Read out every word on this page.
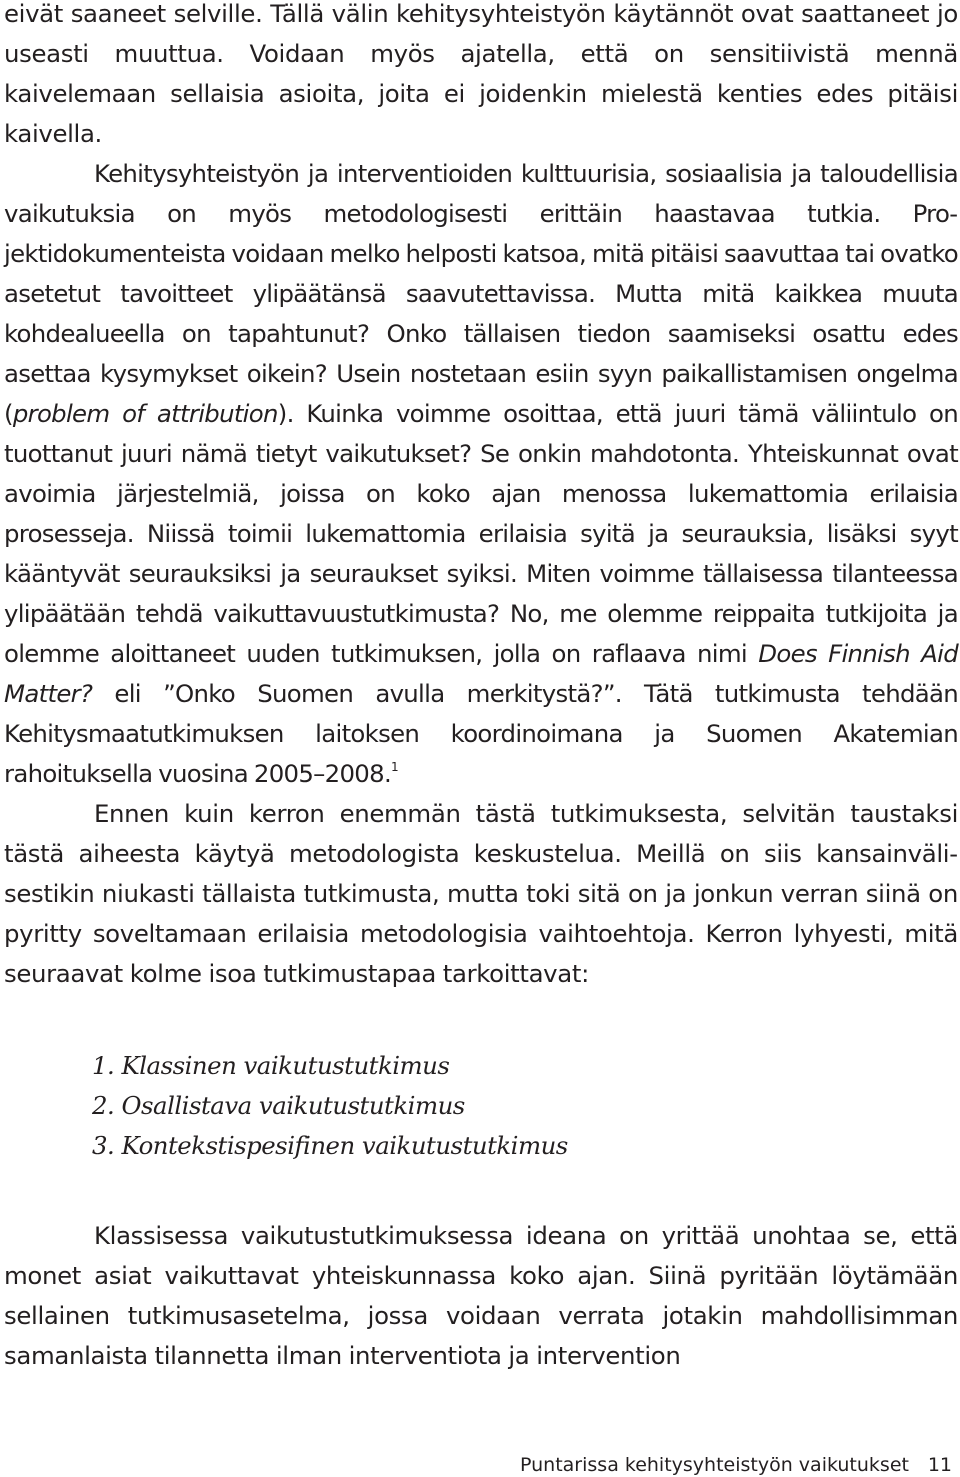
eivät saaneet selville. Tällä välin kehitysyhteistyön käytännöt ovat saattaneet jo useasti muuttua. Voidaan myös ajatella, että on sensitiivistä mennä kaivelemaan sellaisia asioita, joita ei joidenkin mielestä kenties edes pitäisi kaivella.

Kehitysyhteistyön ja interventioiden kulttuurisia, sosiaalisia ja taloudellisia vaikutuksia on myös metodologisesti erittäin haastavaa tutkia. Projektidokumenteista voidaan melko helposti katsoa, mitä pitäisi saavuttaa tai ovatko asetetut tavoitteet ylipäätänsä saavutettavissa. Mutta mitä kaikkea muuta kohdealueella on tapahtunut? Onko tällaisen tiedon saamiseksi osattu edes asettaa kysymykset oikein? Usein nostetaan esiin syyn paikallistamisen ongelma (problem of attribution). Kuinka voimme osoittaa, että juuri tämä väliintulo on tuottanut juuri nämä tietyt vaikutukset? Se onkin mahdotonta. Yhteiskunnat ovat avoimia järjestelmiä, joissa on koko ajan menossa lukemattomia erilaisia prosesseja. Niissä toimii lukemattomia erilaisia syitä ja seurauksia, lisäksi syyt kääntyvät seurauksiksi ja seuraukset syiksi. Miten voimme tällaisessa tilanteessa ylipäätään tehdä vaikuttavuustutkimusta? No, me olemme reippaita tutkijoita ja olemme aloittaneet uuden tutkimuksen, jolla on raflaava nimi Does Finnish Aid Matter? eli ”Onko Suomen avulla merkitystä?”. Tätä tutkimusta tehdään Kehitysmaatutkimuksen laitoksen koordinoimana ja Suomen Akatemian rahoituksella vuosina 2005–2008.$^1$

Ennen kuin kerron enemmän tästä tutkimuksesta, selvitän taustaksi tästä aiheesta käytyä metodologista keskustelua. Meillä on siis kansainvälisestikin niukasti tällaista tutkimusta, mutta toki sitä on ja jonkun verran siinä on pyritty soveltamaan erilaisia metodologisia vaihtoehtoja. Kerron lyhyesti, mitä seuraavat kolme isoa tutkimustapaa tarkoittavat:

1. Klassinen vaikutustutkimus
2. Osallistava vaikutustutkimus
3. Kontekstispesifinen vaikutustutkimus

Klassisessa vaikutustutkimuksessa ideana on yrittää unohtaa se, että monet asiat vaikuttavat yhteiskunnassa koko ajan. Siinä pyritään löytämään sellainen tutkimusasetelma, jossa voidaan verrata jotakin mahdollisimman samanlaista tilannetta ilman interventiota ja intervention

Puntarissa kehitysyhteistyön vaikutukset 11
